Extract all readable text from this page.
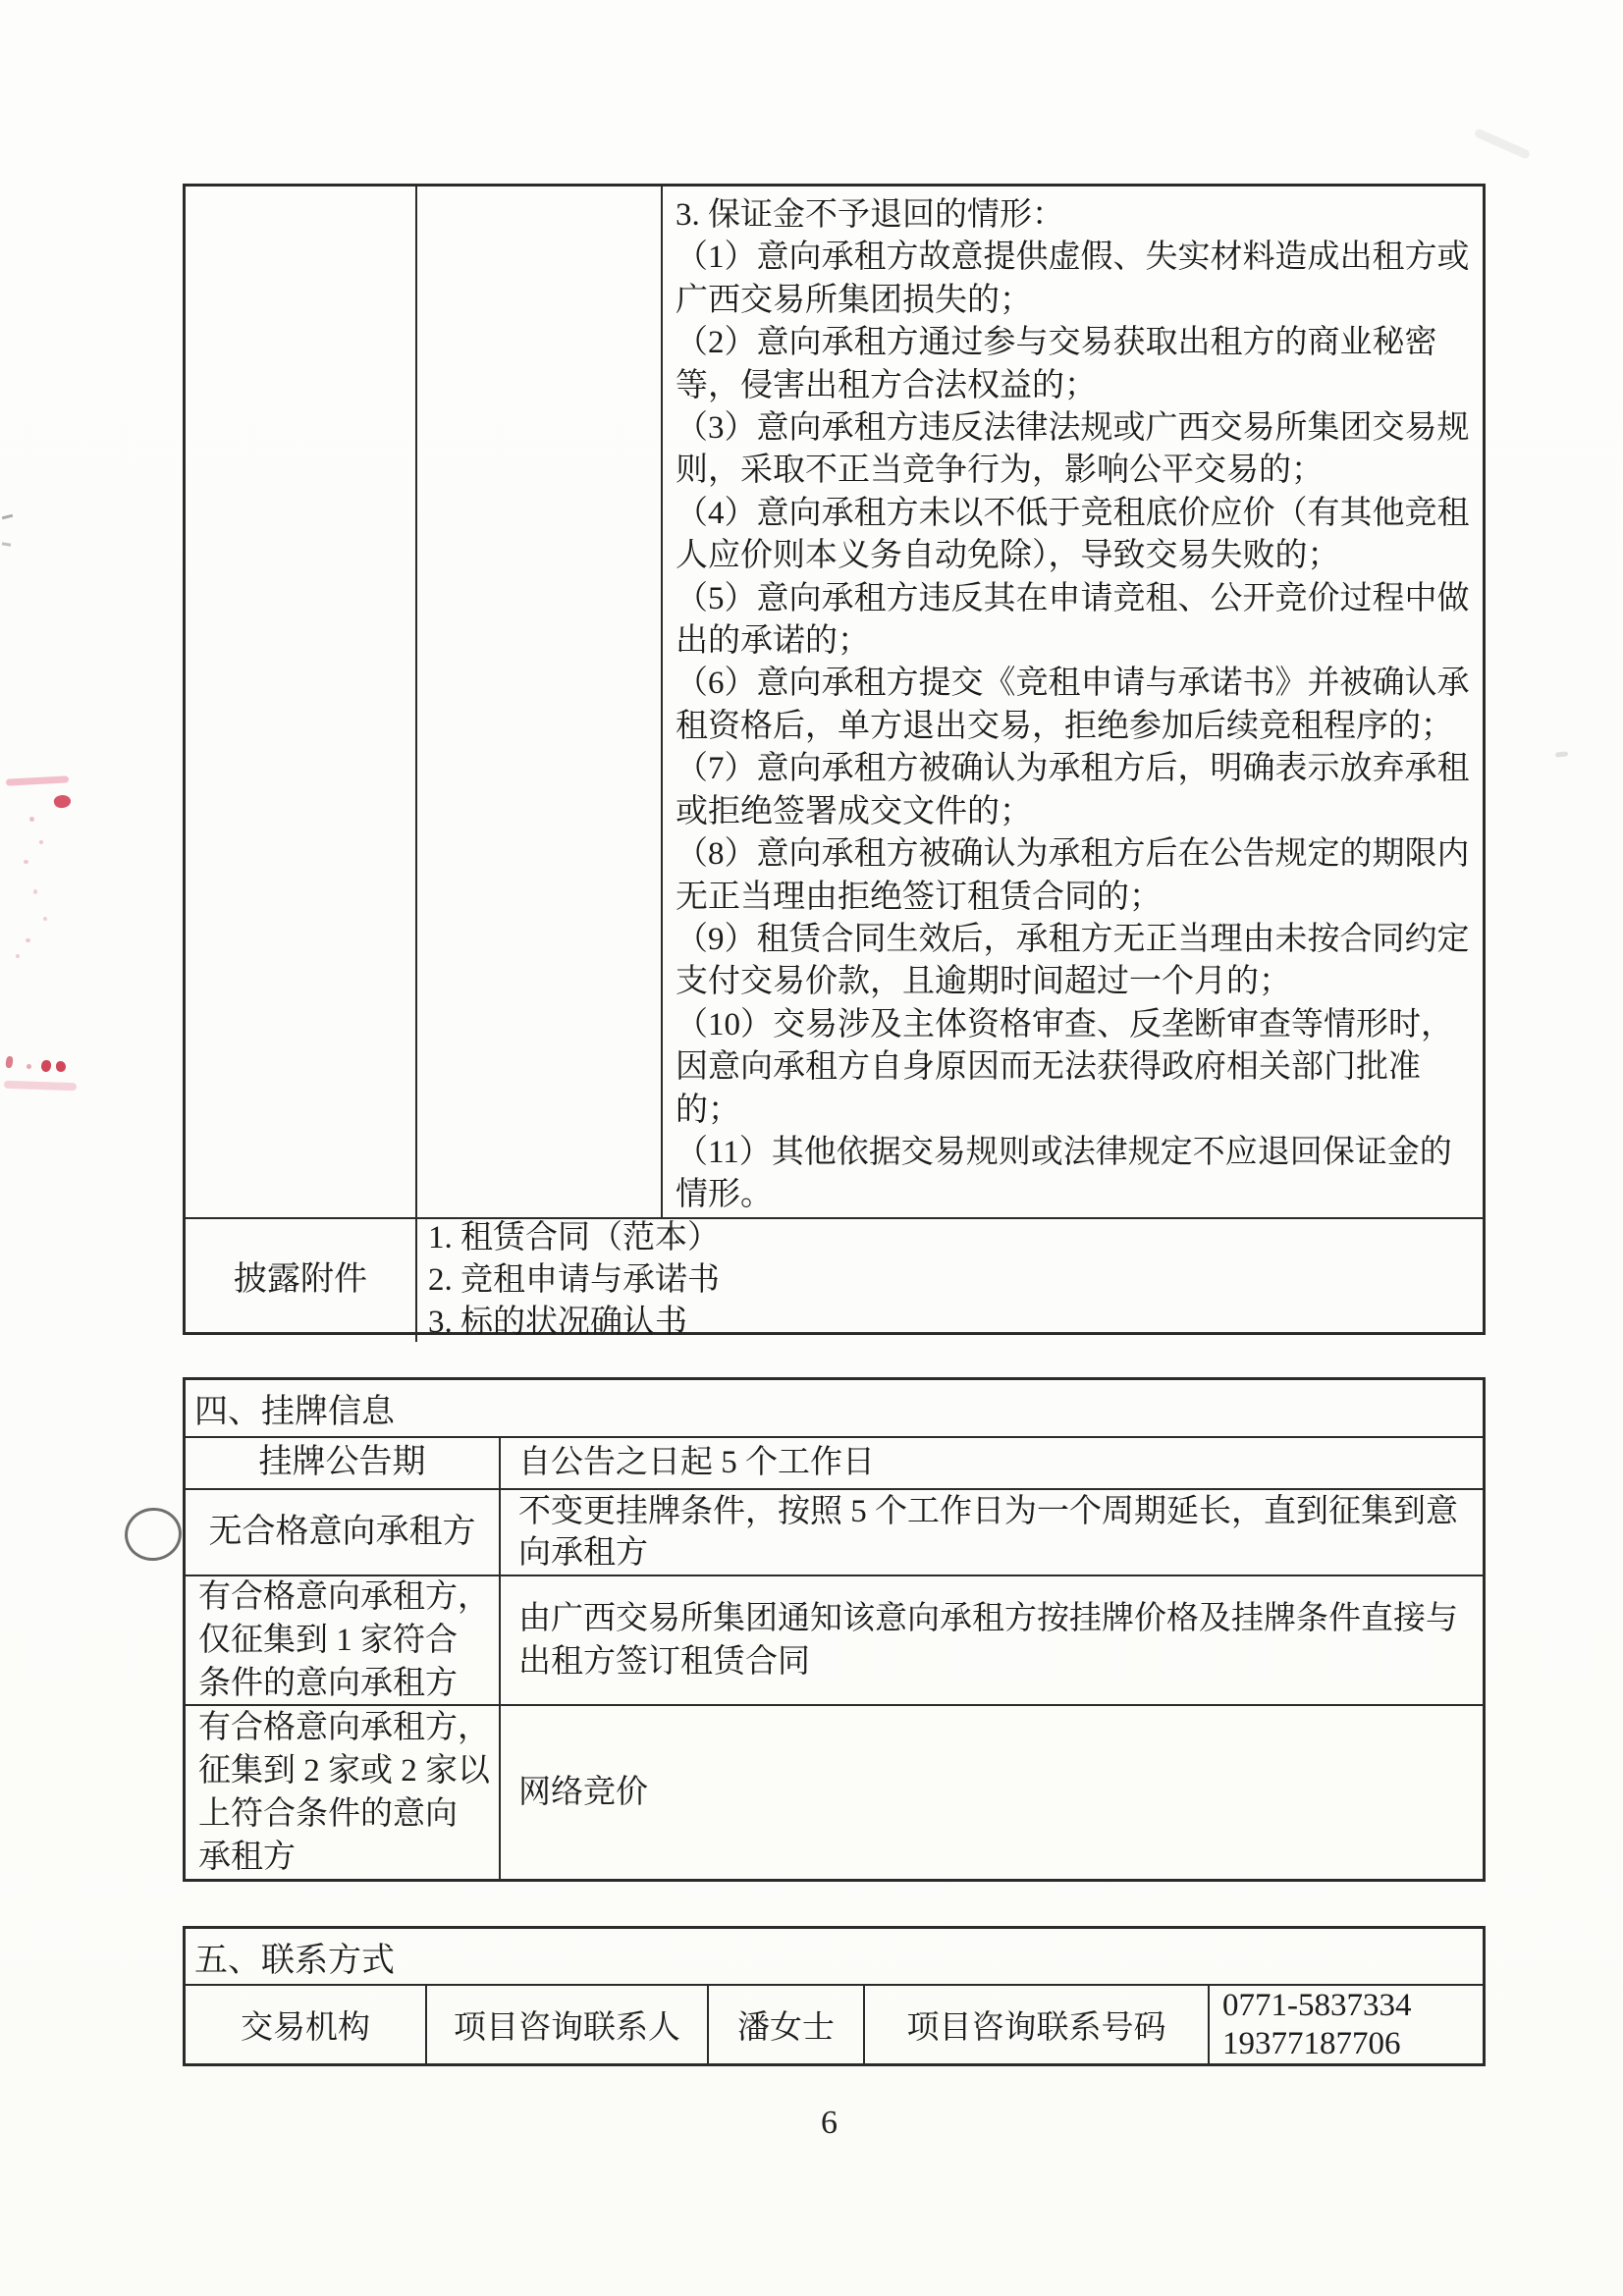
3. 保证金不予退回的情形：
（1）意向承租方故意提供虚假、失实材料造成出租方或
广西交易所集团损失的；
（2）意向承租方通过参与交易获取出租方的商业秘密
等，侵害出租方合法权益的；
（3）意向承租方违反法律法规或广西交易所集团交易规
则，采取不正当竞争行为，影响公平交易的；
（4）意向承租方未以不低于竞租底价应价（有其他竞租
人应价则本义务自动免除），导致交易失败的；
（5）意向承租方违反其在申请竞租、公开竞价过程中做
出的承诺的；
（6）意向承租方提交《竞租申请与承诺书》并被确认承
租资格后，单方退出交易，拒绝参加后续竞租程序的；
（7）意向承租方被确认为承租方后，明确表示放弃承租
或拒绝签署成交文件的；
（8）意向承租方被确认为承租方后在公告规定的期限内
无正当理由拒绝签订租赁合同的；
（9）租赁合同生效后，承租方无正当理由未按合同约定
支付交易价款，且逾期时间超过一个月的；
（10）交易涉及主体资格审查、反垄断审查等情形时，
因意向承租方自身原因而无法获得政府相关部门批准
的；
（11）其他依据交易规则或法律规定不应退回保证金的
情形。
披露附件
1. 租赁合同（范本）
2. 竞租申请与承诺书
3. 标的状况确认书
四、挂牌信息
挂牌公告期	自公告之日起 5 个工作日
无合格意向承租方
不变更挂牌条件，按照 5 个工作日为一个周期延长，直到征集到意
向承租方
有合格意向承租方，
仅征集到 1 家符合
条件的意向承租方
由广西交易所集团通知该意向承租方按挂牌价格及挂牌条件直接与
出租方签订租赁合同
有合格意向承租方，
征集到 2 家或 2 家以
上符合条件的意向
承租方
网络竞价
五、联系方式
交易机构	项目咨询联系人 潘女士 项目咨询联系号码
0771-5837334
19377187706
6
